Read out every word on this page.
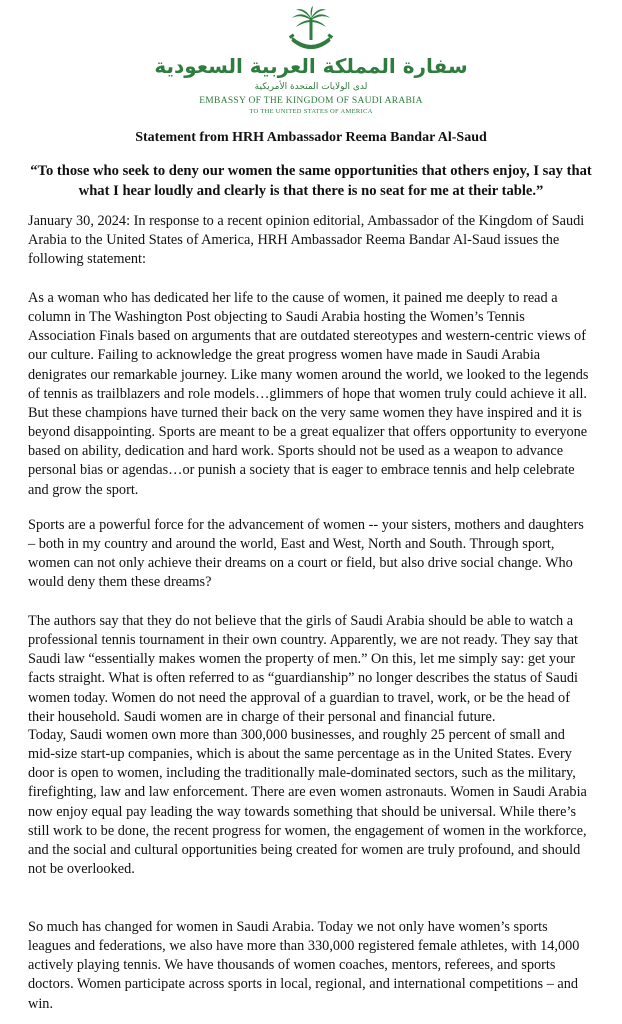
سفارة المملكة العربية السعودية
لدى الولايات المتحدة الأمريكية
EMBASSY OF THE KINGDOM OF SAUDI ARABIA
TO THE UNITED STATES OF AMERICA
Statement from HRH Ambassador Reema Bandar Al-Saud
“To those who seek to deny our women the same opportunities that others enjoy, I say that what I hear loudly and clearly is that there is no seat for me at their table.”

January 30, 2024: In response to a recent opinion editorial, Ambassador of the Kingdom of Saudi Arabia to the United States of America, HRH Ambassador Reema Bandar Al-Saud issues the following statement:

As a woman who has dedicated her life to the cause of women, it pained me deeply to read a column in The Washington Post objecting to Saudi Arabia hosting the Women’s Tennis Association Finals based on arguments that are outdated stereotypes and western-centric views of our culture. Failing to acknowledge the great progress women have made in Saudi Arabia denigrates our remarkable journey. Like many women around the world, we looked to the legends of tennis as trailblazers and role models…glimmers of hope that women truly could achieve it all. But these champions have turned their back on the very same women they have inspired and it is beyond disappointing. Sports are meant to be a great equalizer that offers opportunity to everyone based on ability, dedication and hard work. Sports should not be used as a weapon to advance personal bias or agendas…or punish a society that is eager to embrace tennis and help celebrate and grow the sport.

Sports are a powerful force for the advancement of women -- your sisters, mothers and daughters – both in my country and around the world, East and West, North and South. Through sport, women can not only achieve their dreams on a court or field, but also drive social change. Who would deny them these dreams?

The authors say that they do not believe that the girls of Saudi Arabia should be able to watch a professional tennis tournament in their own country. Apparently, we are not ready. They say that Saudi law “essentially makes women the property of men.” On this, let me simply say: get your facts straight. What is often referred to as “guardianship” no longer describes the status of Saudi women today. Women do not need the approval of a guardian to travel, work, or be the head of their household. Saudi women are in charge of their personal and financial future.

Today, Saudi women own more than 300,000 businesses, and roughly 25 percent of small and mid-size start-up companies, which is about the same percentage as in the United States. Every door is open to women, including the traditionally male-dominated sectors, such as the military, firefighting, law and law enforcement. There are even women astronauts. Women in Saudi Arabia now enjoy equal pay leading the way towards something that should be universal. While there’s still work to be done, the recent progress for women, the engagement of women in the workforce, and the social and cultural opportunities being created for women are truly profound, and should not be overlooked.

So much has changed for women in Saudi Arabia. Today we not only have women’s sports leagues and federations, we also have more than 330,000 registered female athletes, with 14,000 actively playing tennis. We have thousands of women coaches, mentors, referees, and sports doctors. Women participate across sports in local, regional, and international competitions – and win.
